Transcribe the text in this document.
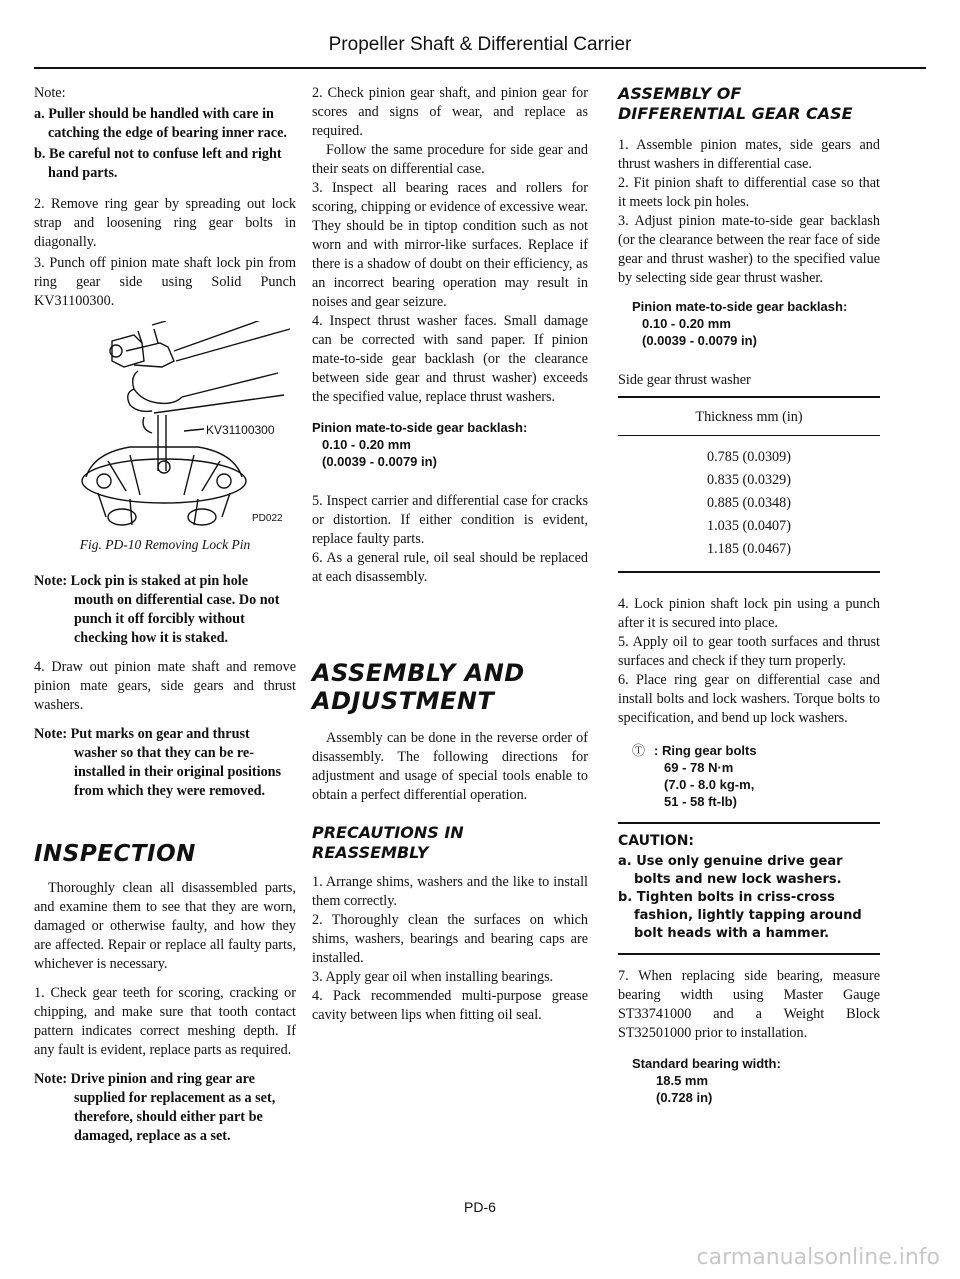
Propeller Shaft & Differential Carrier
Note:

a. Puller should be handled with care in catching the edge of bearing inner race.

b. Be careful not to confuse left and right hand parts.

2. Remove ring gear by spreading out lock strap and loosening ring gear bolts in diagonally.

3. Punch off pinion mate shaft lock pin from ring gear side using Solid Punch KV31100300.

KV31100300
PD022

Fig. PD-10 Removing Lock Pin

Note: Lock pin is staked at pin hole
mouth on differential case. Do not punch it off forcibly without checking how it is staked.

4. Draw out pinion mate shaft and remove pinion mate gears, side gears and thrust washers.

Note: Put marks on gear and thrust
washer so that they can be re-installed in their original positions from which they were removed.
INSPECTION

Thoroughly clean all disassembled parts, and examine them to see that they are worn, damaged or otherwise faulty, and how they are affected. Repair or replace all faulty parts, whichever is necessary.

1. Check gear teeth for scoring, cracking or chipping, and make sure that tooth contact pattern indicates correct meshing depth. If any fault is evident, replace parts as required.

Note: Drive pinion and ring gear are
supplied for replacement as a set, therefore, should either part be damaged, replace as a set.

2. Check pinion gear shaft, and pinion gear for scores and signs of wear, and replace as required.

Follow the same procedure for side gear and their seats on differential case.

3. Inspect all bearing races and rollers for scoring, chipping or evidence of excessive wear. They should be in tiptop condition such as not worn and with mirror-like surfaces. Replace if there is a shadow of doubt on their efficiency, as an incorrect bearing operation may result in noises and gear seizure.

4. Inspect thrust washer faces. Small damage can be corrected with sand paper. If pinion mate-to-side gear backlash (or the clearance between side gear and thrust washer) exceeds the specified value, replace thrust washers.

Pinion mate-to-side gear backlash:
0.10 - 0.20 mm
(0.0039 - 0.0079 in)

5. Inspect carrier and differential case for cracks or distortion. If either condition is evident, replace faulty parts.

6. As a general rule, oil seal should be replaced at each disassembly.

ASSEMBLY AND
ADJUSTMENT

Assembly can be done in the reverse order of disassembly. The following directions for adjustment and usage of special tools enable to obtain a perfect differential operation.

PRECAUTIONS IN
REASSEMBLY

1. Arrange shims, washers and the like to install them correctly.

2. Thoroughly clean the surfaces on which shims, washers, bearings and bearing caps are installed.

3. Apply gear oil when installing bearings.

4. Pack recommended multi-purpose grease cavity between lips when fitting oil seal.

ASSEMBLY OF
DIFFERENTIAL GEAR CASE

1. Assemble pinion mates, side gears and thrust washers in differential case.

2. Fit pinion shaft to differential case so that it meets lock pin holes.

3. Adjust pinion mate-to-side gear backlash (or the clearance between the rear face of side gear and thrust washer) to the specified value by selecting side gear thrust washer.

Pinion mate-to-side gear backlash:
0.10 - 0.20 mm
(0.0039 - 0.0079 in)

Side gear thrust washer

Thickness mm (in)
0.785 (0.0309)
0.835 (0.0329)
0.885 (0.0348)
1.035 (0.0407)
1.185 (0.0467)

4. Lock pinion shaft lock pin using a punch after it is secured into place.

5. Apply oil to gear tooth surfaces and thrust surfaces and check if they turn properly.

6. Place ring gear on differential case and install bolts and lock washers. Torque bolts to specification, and bend up lock washers.

Ⓣ : Ring gear bolts
69 - 78 N·m
(7.0 - 8.0 kg-m,
51 - 58 ft-lb)
CAUTION:
a. Use only genuine drive gear bolts and new lock washers.
b. Tighten bolts in criss-cross fashion, lightly tapping around bolt heads with a hammer.

7. When replacing side bearing, measure bearing width using Master Gauge ST33741000 and a Weight Block ST32501000 prior to installation.

Standard bearing width:
18.5 mm
(0.728 in)
PD-6
carmanualsonline.info
